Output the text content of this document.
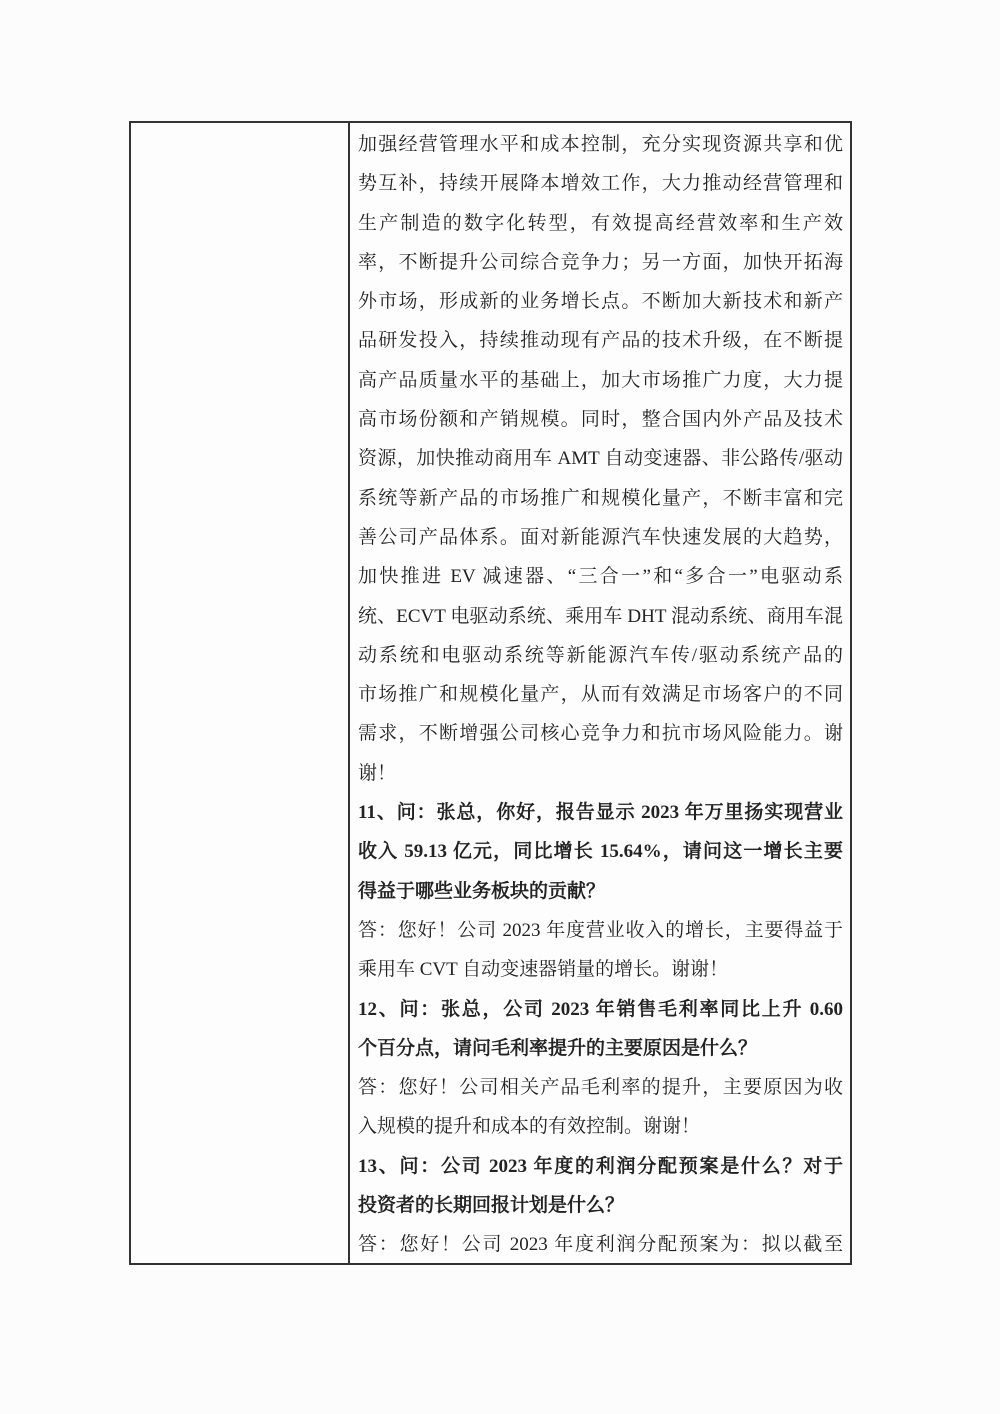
加强经营管理水平和成本控制，充分实现资源共享和优
势互补，持续开展降本增效工作，大力推动经营管理和
生产制造的数字化转型，有效提高经营效率和生产效
率，不断提升公司综合竞争力；另一方面，加快开拓海
外市场，形成新的业务增长点。不断加大新技术和新产
品研发投入，持续推动现有产品的技术升级，在不断提
高产品质量水平的基础上，加大市场推广力度，大力提
高市场份额和产销规模。同时，整合国内外产品及技术
资源，加快推动商用车 AMT 自动变速器、非公路传/驱动
系统等新产品的市场推广和规模化量产，不断丰富和完
善公司产品体系。面对新能源汽车快速发展的大趋势，
加快推进 EV 减速器、“三合一”和“多合一”电驱动系
统、ECVT 电驱动系统、乘用车 DHT 混动系统、商用车混
动系统和电驱动系统等新能源汽车传/驱动系统产品的
市场推广和规模化量产，从而有效满足市场客户的不同
需求，不断增强公司核心竞争力和抗市场风险能力。谢
谢！
11、问：张总，你好，报告显示 2023 年万里扬实现营业
收入 59.13 亿元，同比增长 15.64%，请问这一增长主要
得益于哪些业务板块的贡献？
答：您好！公司 2023 年度营业收入的增长，主要得益于
乘用车 CVT 自动变速器销量的增长。谢谢！
12、问：张总，公司 2023 年销售毛利率同比上升 0.60
个百分点，请问毛利率提升的主要原因是什么？
答：您好！公司相关产品毛利率的提升，主要原因为收
入规模的提升和成本的有效控制。谢谢！
13、问：公司 2023 年度的利润分配预案是什么？对于
投资者的长期回报计划是什么？
答：您好！公司 2023 年度利润分配预案为：拟以截至
